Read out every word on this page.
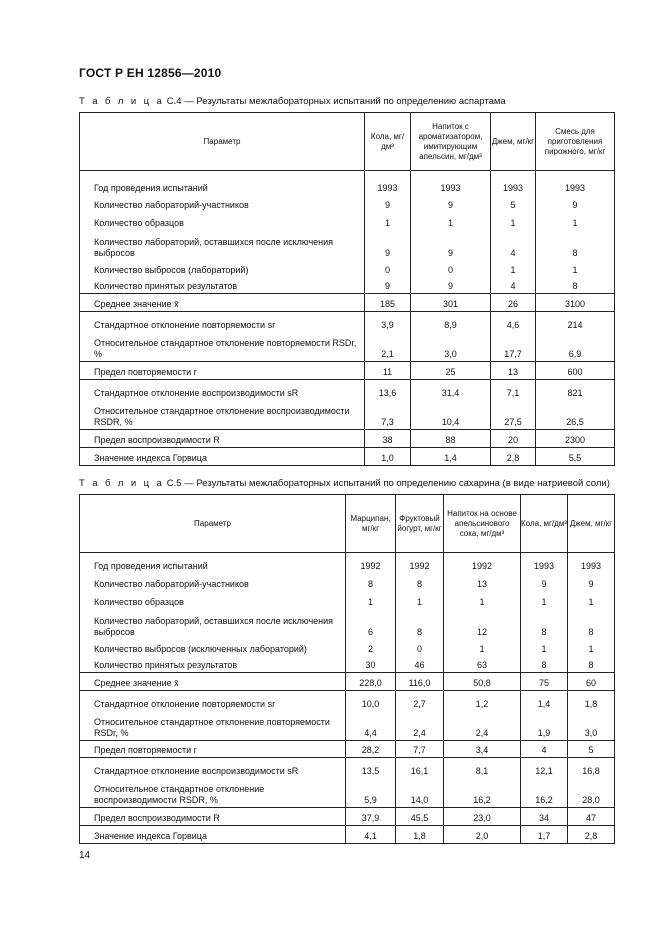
ГОСТ Р ЕН 12856—2010
Т а б л и ц а С.4 — Результаты межлабораторных испытаний по определению аспартама
Параметр	Кола, мг/дм³	Напиток с ароматизатором, имитирующим апельсин, мг/дм³	Джем, мг/кг	Смесь для приготовления пирожного, мг/кг
Год проведения испытаний	1993	1993	1993	1993
Количество лабораторий-участников	9	9	5	9
Количество образцов	1	1	1	1
Количество лабораторий, оставшихся после исключения выбросов	9	9	4	8
Количество выбросов (лабораторий)	0	0	1	1
Количество принятых результатов	9	9	4	8
Среднее значение x̄	185	301	26	3100
Стандартное отклонение повторяемости sr	3,9	8,9	4,6	214
Относительное стандартное отклонение повторяемости RSDr, %	2,1	3,0	17,7	6,9
Предел повторяемости r	11	25	13	600
Стандартное отклонение воспроизводимости sR	13,6	31,4	7,1	821
Относительное стандартное отклонение воспроизводимости RSDR, %	7,3	10,4	27,5	26,5
Предел воспроизводимости R	38	88	20	2300
Значение индекса Горвица	1,0	1,4	2,8	5,5
Т а б л и ц а С.5 — Результаты межлабораторных испытаний по определению сахарина (в виде натриевой соли)
Параметр	Марципан, мг/кг	Фруктовый йогурт, мг/кг	Напиток на основе апельсинового сока, мг/дм³	Кола, мг/дм³	Джем, мг/кг
Год проведения испытаний	1992	1992	1992	1993	1993
Количество лабораторий-участников	8	8	13	9	9
Количество образцов	1	1	1	1	1
Количество лабораторий, оставшихся после исключения выбросов	6	8	12	8	8
Количество выбросов (исключенных лабораторий)	2	0	1	1	1
Количество принятых результатов	30	46	63	8	8
Среднее значение x̄	228,0	116,0	50,8	75	60
Стандартное отклонение повторяемости sr	10,0	2,7	1,2	1,4	1,8
Относительное стандартное отклонение повторяемости RSDr, %	4,4	2,4	2,4	1,9	3,0
Предел повторяемости r	28,2	7,7	3,4	4	5
Стандартное отклонение воспроизводимости sR	13,5	16,1	8,1	12,1	16,8
Относительное стандартное отклонение воспроизводимости RSDR, %	5,9	14,0	16,2	16,2	28,0
Предел воспроизводимости R	37,9	45,5	23,0	34	47
Значение индекса Горвица	4,1	1,8	2,0	1,7	2,8
14
